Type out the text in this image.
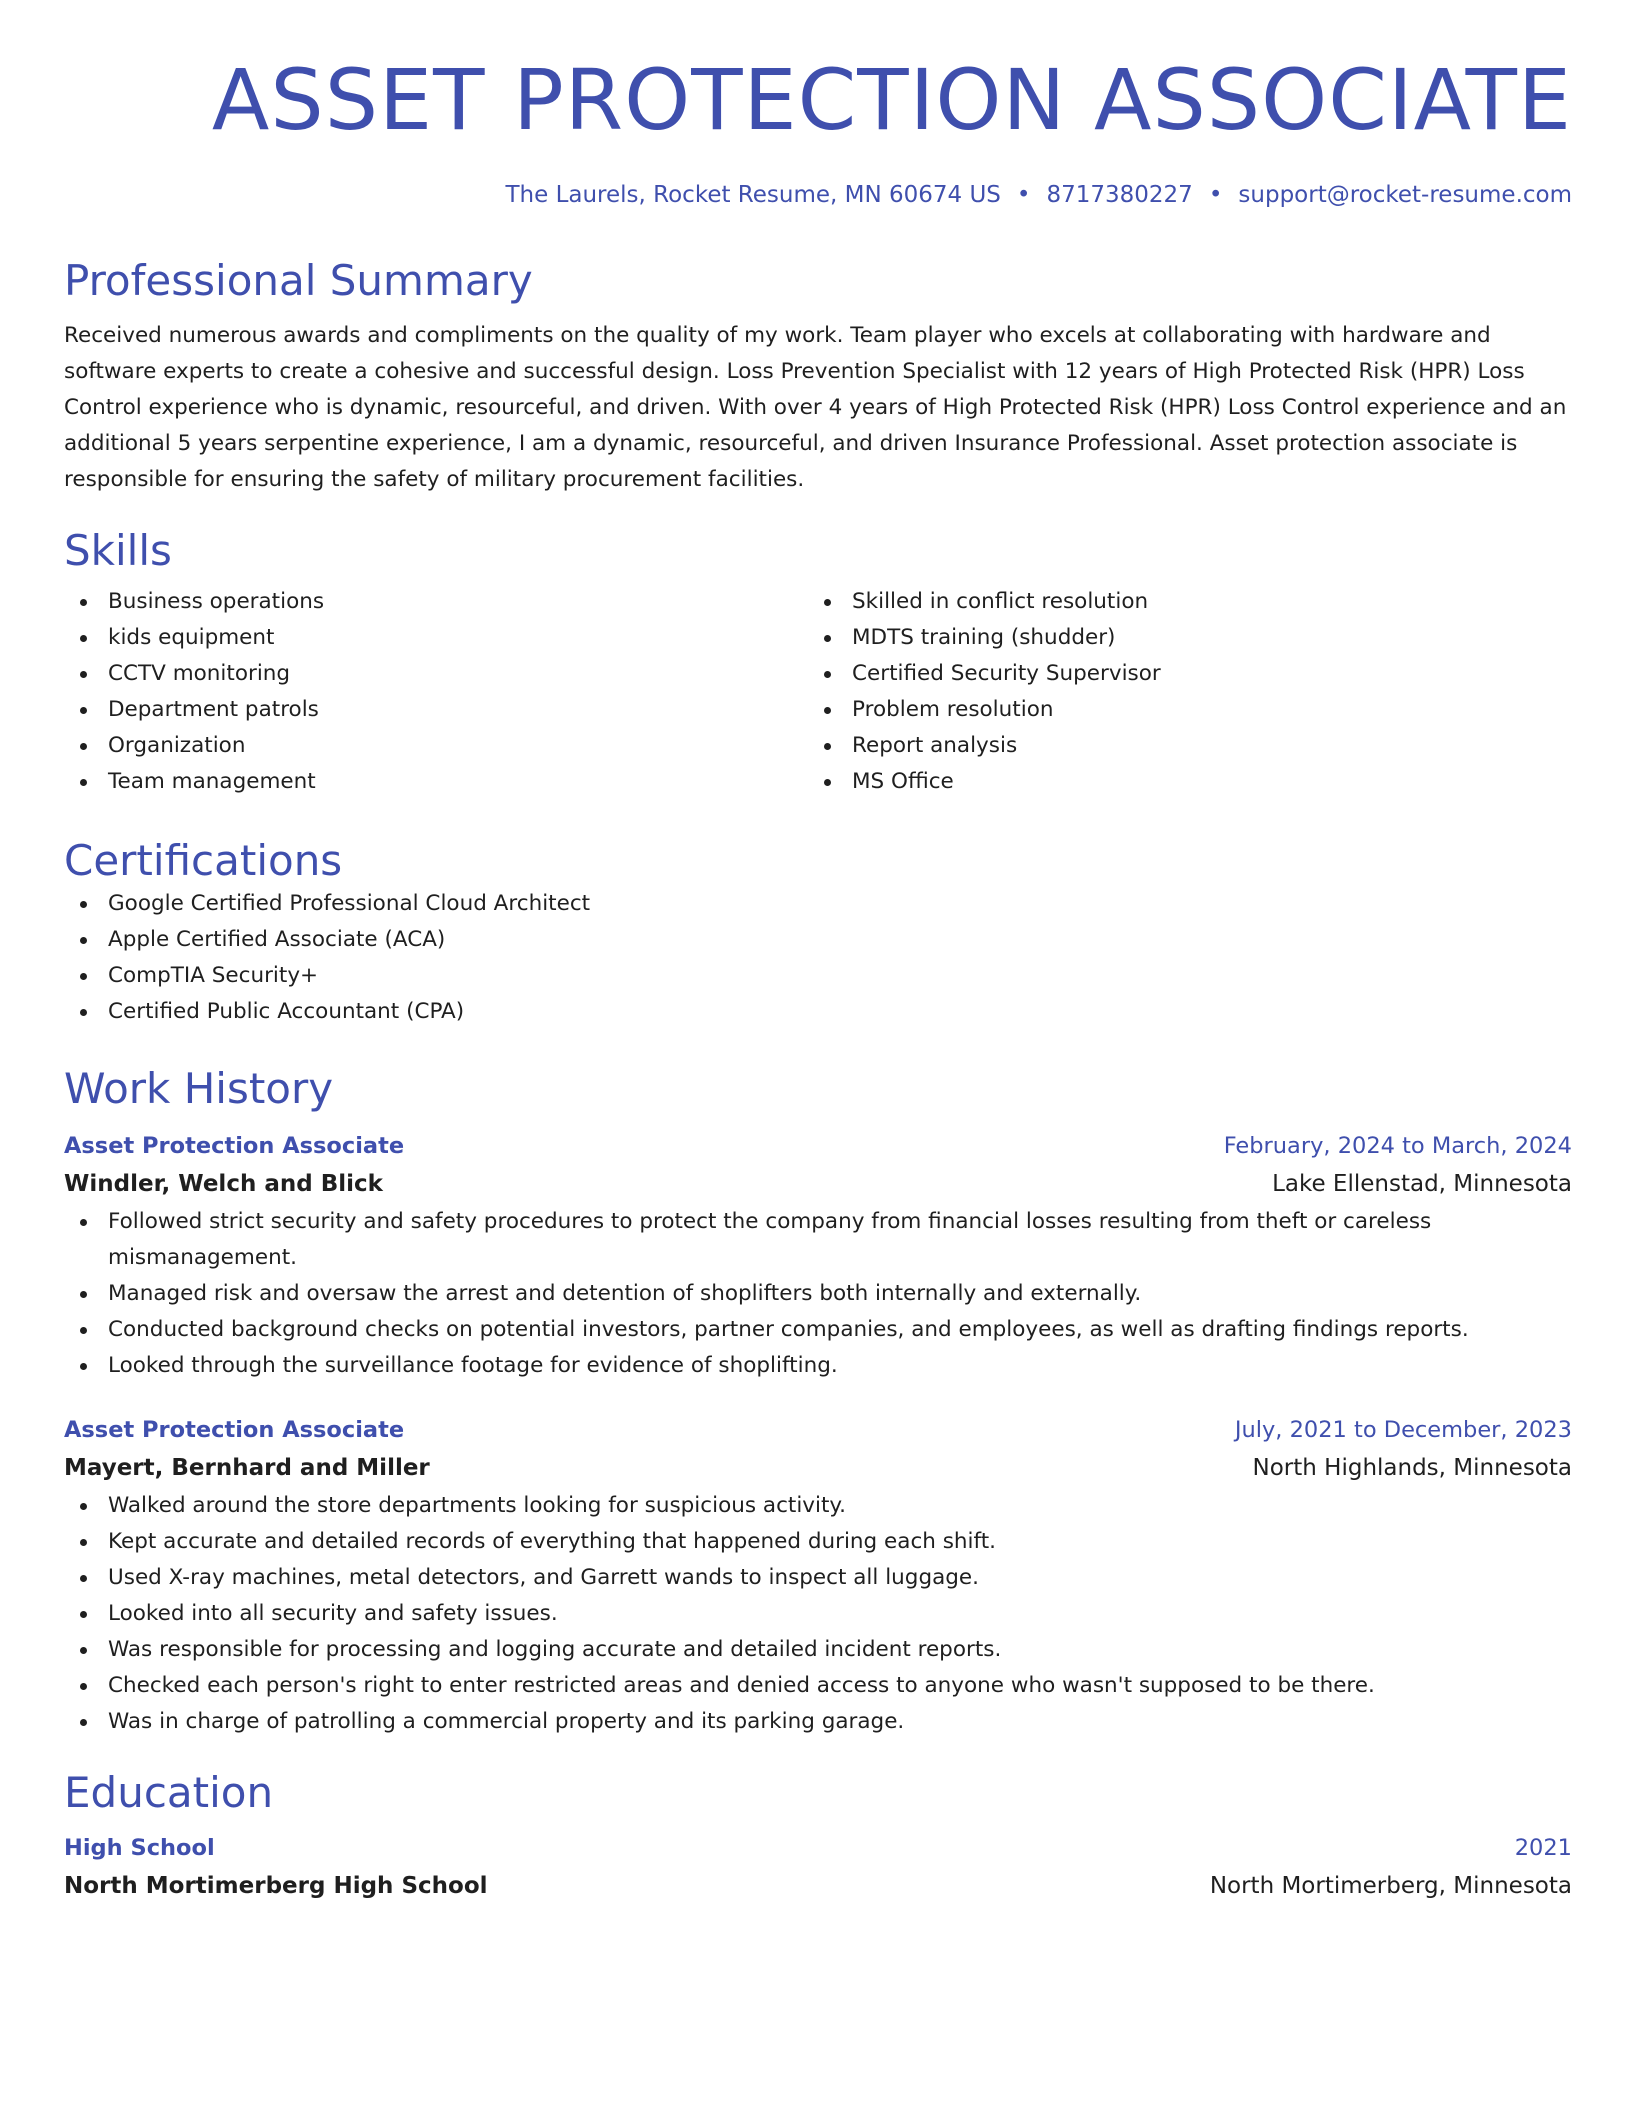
ASSET PROTECTION ASSOCIATE
The Laurels, Rocket Resume, MN 60674 US • 8717380227 • support@rocket-resume.com
Professional Summary

Received numerous awards and compliments on the quality of my work. Team player who excels at collaborating with hardware and software experts to create a cohesive and successful design. Loss Prevention Specialist with 12 years of High Protected Risk (HPR) Loss Control experience who is dynamic, resourceful, and driven. With over 4 years of High Protected Risk (HPR) Loss Control experience and an additional 5 years serpentine experience, I am a dynamic, resourceful, and driven Insurance Professional. Asset protection associate is responsible for ensuring the safety of military procurement facilities.

Skills
Business operations
kids equipment
CCTV monitoring
Department patrols
Organization
Team management
Skilled in conflict resolution
MDTS training (shudder)
Certified Security Supervisor
Problem resolution
Report analysis
MS Office
Certifications
Google Certified Professional Cloud Architect
Apple Certified Associate (ACA)
CompTIA Security+
Certified Public Accountant (CPA)
Work History
Asset Protection Associate	February, 2024 to March, 2024
Windler, Welch and Blick	Lake Ellenstad, Minnesota
Followed strict security and safety procedures to protect the company from financial losses resulting from theft or careless mismanagement.
Managed risk and oversaw the arrest and detention of shoplifters both internally and externally.
Conducted background checks on potential investors, partner companies, and employees, as well as drafting findings reports.
Looked through the surveillance footage for evidence of shoplifting.
Asset Protection Associate	July, 2021 to December, 2023
Mayert, Bernhard and Miller	North Highlands, Minnesota
Walked around the store departments looking for suspicious activity.
Kept accurate and detailed records of everything that happened during each shift.
Used X-ray machines, metal detectors, and Garrett wands to inspect all luggage.
Looked into all security and safety issues.
Was responsible for processing and logging accurate and detailed incident reports.
Checked each person's right to enter restricted areas and denied access to anyone who wasn't supposed to be there.
Was in charge of patrolling a commercial property and its parking garage.
Education
High School	2021
North Mortimerberg High School	North Mortimerberg, Minnesota
